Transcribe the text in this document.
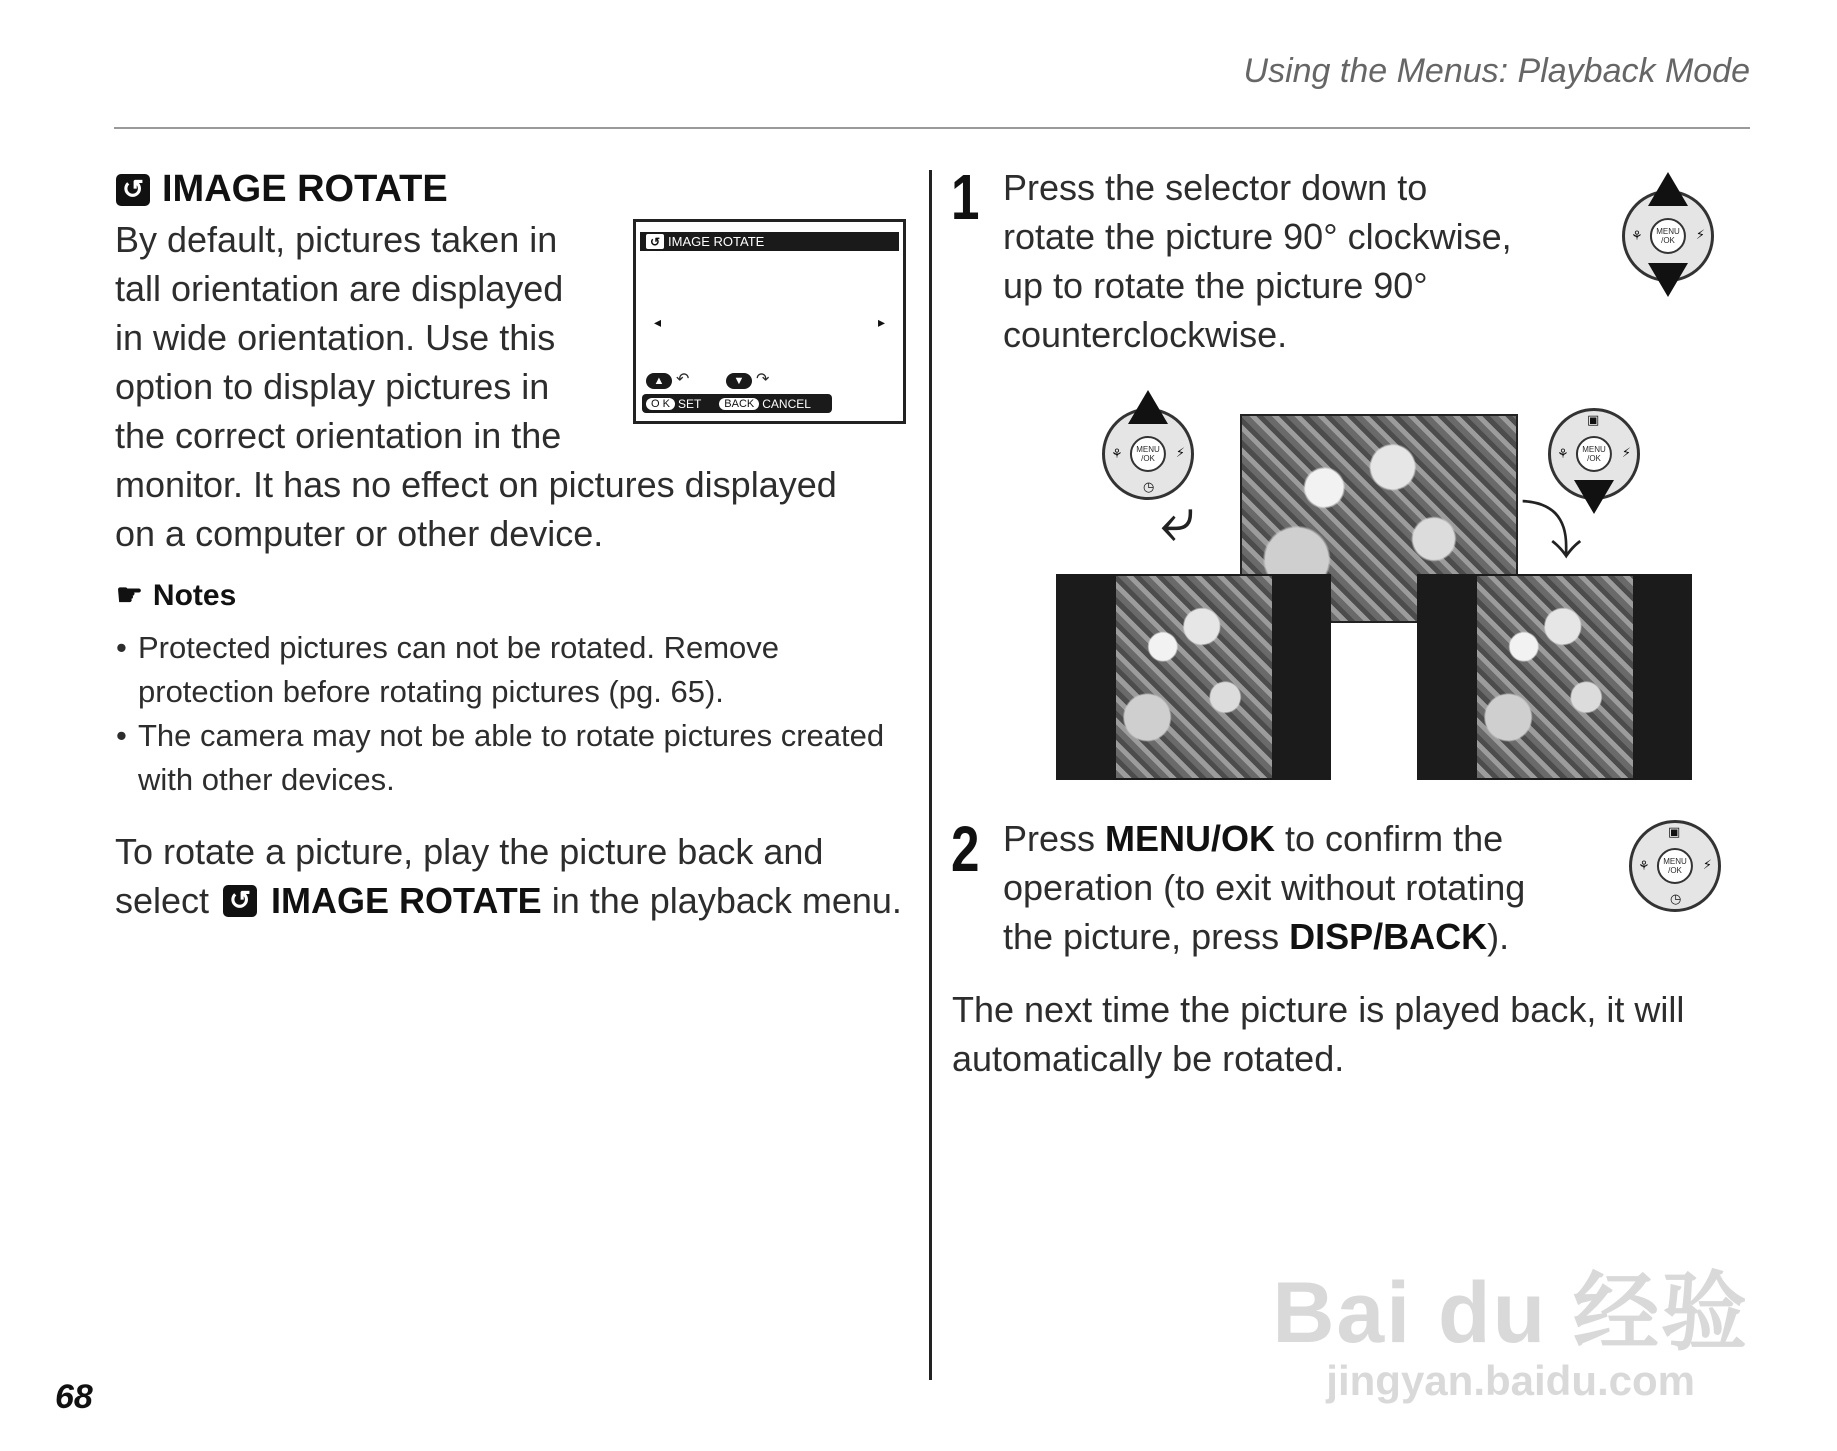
Using the Menus: Playback Mode
↺ IMAGE ROTATE

By default, pictures taken in
tall orientation are displayed
in wide orientation. Use this
option to display pictures in
the correct orientation in the

↺ IMAGE ROTATE
◂	▸
▲ ↶	▼ ↷
O K SET	BACK CANCEL

monitor. It has no effect on pictures displayed
on a computer or other device.

☛ Notes
• Protected pictures can not be rotated. Remove protection before rotating pictures (pg. 65).
• The camera may not be able to rotate pictures created with other devices.
To rotate a picture, play the picture back and
select ↺ IMAGE ROTATE in the playback menu.
1 Press the selector down to
rotate the picture 90° clockwise,
up to rotate the picture 90°
counterclockwise.

MENU
/OK
⚘	⚡
MENU
/OK
⚘	⚡
◷
MENU
/OK
⚘	⚡
▣
⤶	⤵
2 Press MENU/OK to confirm the
operation (to exit without rotating
the picture, press DISP/BACK).
MENU
/OK
⚘	⚡
▣
◷

The next time the picture is played back, it will
automatically be rotated.

Bai du 经验
jingyan.baidu.com
68
